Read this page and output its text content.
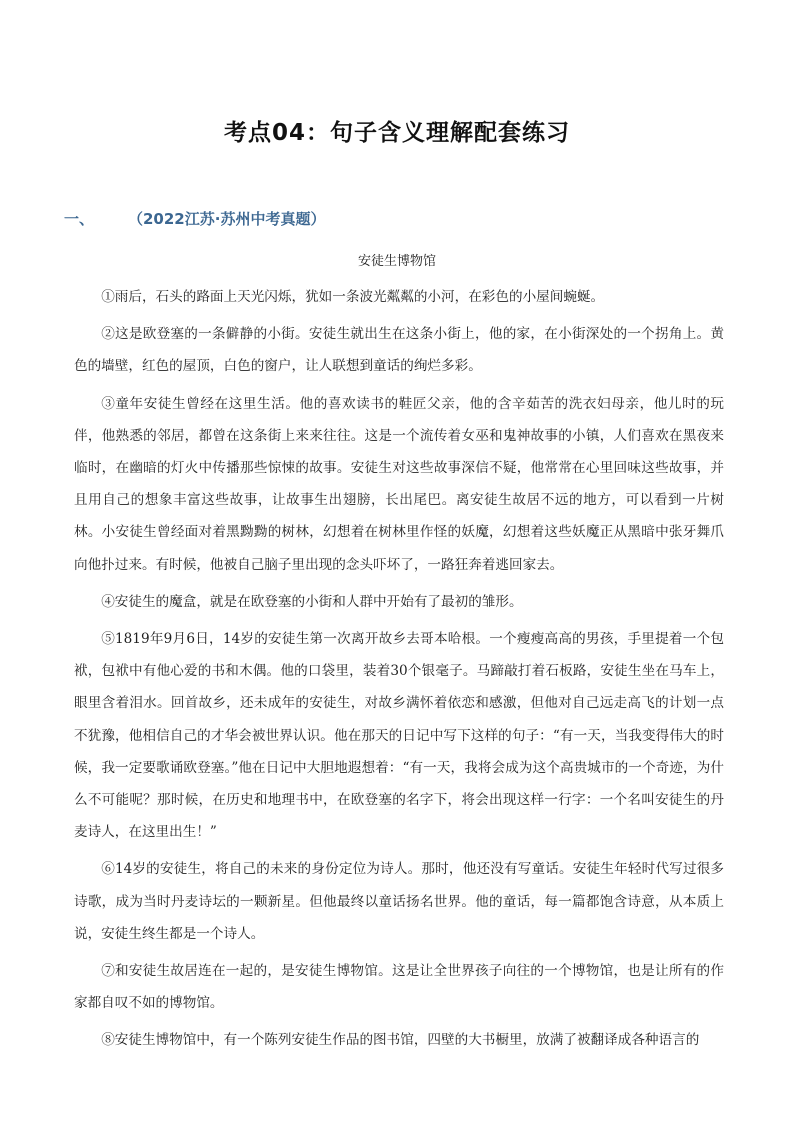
考点04：句子含义理解配套练习
一、 （2022江苏·苏州中考真题）
安徒生博物馆

①雨后，石头的路面上天光闪烁，犹如一条波光粼粼的小河，在彩色的小屋间蜿蜒。

②这是欧登塞的一条僻静的小街。安徒生就出生在这条小街上，他的家，在小街深处的一个拐角上。黄色的墙壁，红色的屋顶，白色的窗户，让人联想到童话的绚烂多彩。

③童年安徒生曾经在这里生活。他的喜欢读书的鞋匠父亲，他的含辛茹苦的洗衣妇母亲，他儿时的玩伴，他熟悉的邻居，都曾在这条街上来来往往。这是一个流传着女巫和鬼神故事的小镇，人们喜欢在黑夜来临时，在幽暗的灯火中传播那些惊悚的故事。安徒生对这些故事深信不疑，他常常在心里回味这些故事，并且用自己的想象丰富这些故事，让故事生出翅膀，长出尾巴。离安徒生故居不远的地方，可以看到一片树林。小安徒生曾经面对着黑黝黝的树林，幻想着在树林里作怪的妖魔，幻想着这些妖魔正从黑暗中张牙舞爪向他扑过来。有时候，他被自己脑子里出现的念头吓坏了，一路狂奔着逃回家去。

④安徒生的魔盒，就是在欧登塞的小街和人群中开始有了最初的雏形。

⑤1819年9月6日，14岁的安徒生第一次离开故乡去哥本哈根。一个瘦瘦高高的男孩，手里提着一个包袱，包袱中有他心爱的书和木偶。他的口袋里，装着30个银毫子。马蹄敲打着石板路，安徒生坐在马车上，眼里含着泪水。回首故乡，还未成年的安徒生，对故乡满怀着依恋和感激，但他对自己远走高飞的计划一点不犹豫，他相信自己的才华会被世界认识。他在那天的日记中写下这样的句子：“有一天，当我变得伟大的时候，我一定要歌诵欧登塞。”他在日记中大胆地遐想着：“有一天，我将会成为这个高贵城市的一个奇迹，为什么不可能呢？那时候，在历史和地理书中，在欧登塞的名字下，将会出现这样一行字：一个名叫安徒生的丹麦诗人，在这里出生！”

⑥14岁的安徒生，将自己的未来的身份定位为诗人。那时，他还没有写童话。安徒生年轻时代写过很多诗歌，成为当时丹麦诗坛的一颗新星。但他最终以童话扬名世界。他的童话，每一篇都饱含诗意，从本质上说，安徒生终生都是一个诗人。

⑦和安徒生故居连在一起的，是安徒生博物馆。这是让全世界孩子向往的一个博物馆，也是让所有的作家都自叹不如的博物馆。

⑧安徒生博物馆中，有一个陈列安徒生作品的图书馆，四壁的大书橱里，放满了被翻译成各种语言的
